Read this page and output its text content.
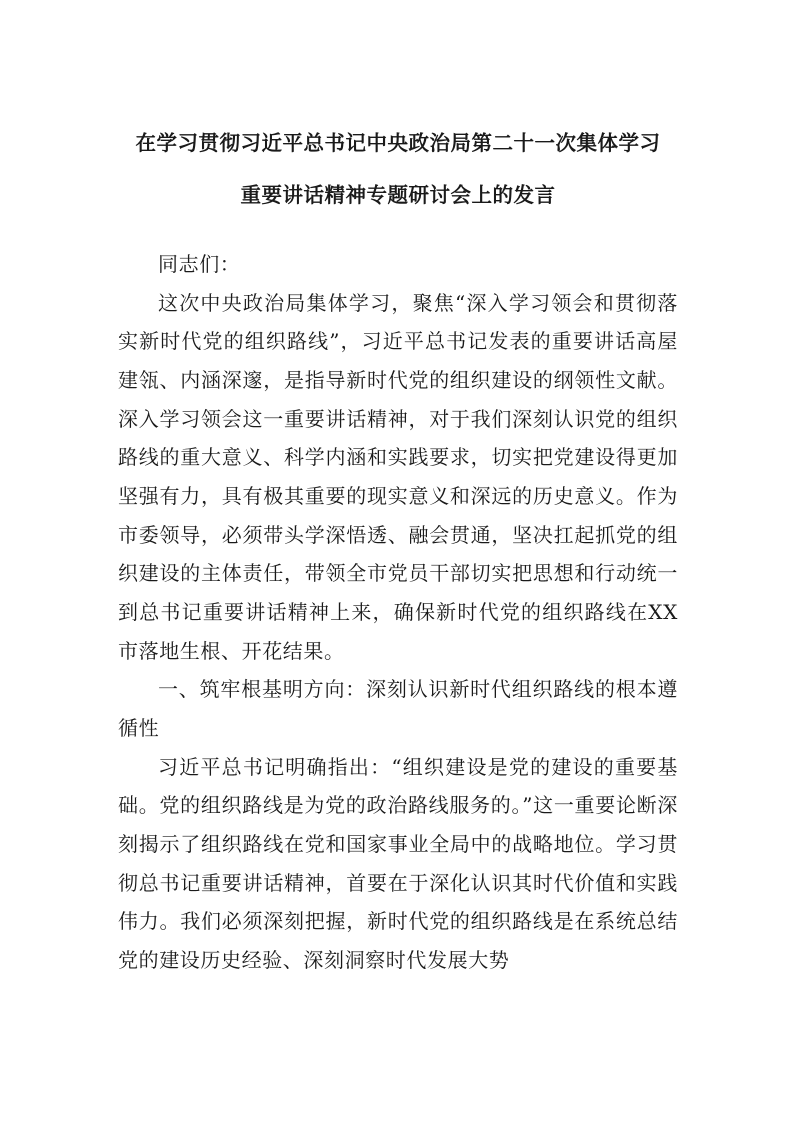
在学习贯彻习近平总书记中央政治局第二十一次集体学习
重要讲话精神专题研讨会上的发言

同志们：

这次中央政治局集体学习，聚焦“深入学习领会和贯彻落实新时代党的组织路线”，习近平总书记发表的重要讲话高屋建瓴、内涵深邃，是指导新时代党的组织建设的纲领性文献。深入学习领会这一重要讲话精神，对于我们深刻认识党的组织路线的重大意义、科学内涵和实践要求，切实把党建设得更加坚强有力，具有极其重要的现实意义和深远的历史意义。作为市委领导，必须带头学深悟透、融会贯通，坚决扛起抓党的组织建设的主体责任，带领全市党员干部切实把思想和行动统一到总书记重要讲话精神上来，确保新时代党的组织路线在XX市落地生根、开花结果。

一、筑牢根基明方向：深刻认识新时代组织路线的根本遵循性

习近平总书记明确指出：“组织建设是党的建设的重要基础。党的组织路线是为党的政治路线服务的。”这一重要论断深刻揭示了组织路线在党和国家事业全局中的战略地位。学习贯彻总书记重要讲话精神，首要在于深化认识其时代价值和实践伟力。我们必须深刻把握，新时代党的组织路线是在系统总结党的建设历史经验、深刻洞察时代发展大势
